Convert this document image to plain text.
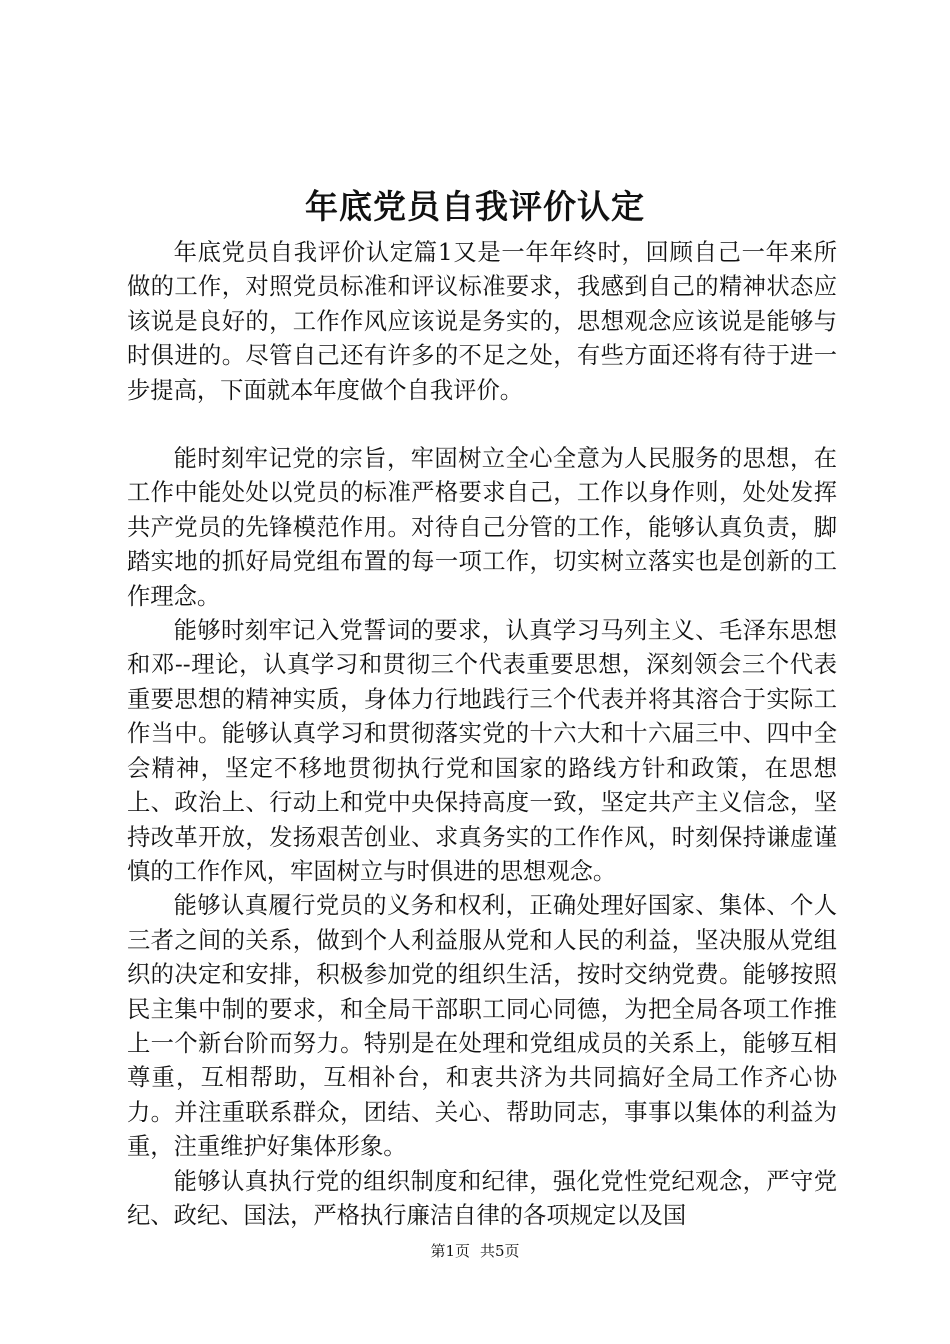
年底党员自我评价认定

年底党员自我评价认定篇1又是一年年终时，回顾自己一年来所做的工作，对照党员标准和评议标准要求，我感到自己的精神状态应该说是良好的，工作作风应该说是务实的，思想观念应该说是能够与时俱进的。尽管自己还有许多的不足之处，有些方面还将有待于进一步提高，下面就本年度做个自我评价。

能时刻牢记党的宗旨，牢固树立全心全意为人民服务的思想，在工作中能处处以党员的标准严格要求自己，工作以身作则，处处发挥共产党员的先锋模范作用。对待自己分管的工作，能够认真负责，脚踏实地的抓好局党组布置的每一项工作，切实树立落实也是创新的工作理念。

能够时刻牢记入党誓词的要求，认真学习马列主义、毛泽东思想和邓--理论，认真学习和贯彻三个代表重要思想，深刻领会三个代表重要思想的精神实质，身体力行地践行三个代表并将其溶合于实际工作当中。能够认真学习和贯彻落实党的十六大和十六届三中、四中全会精神，坚定不移地贯彻执行党和国家的路线方针和政策，在思想上、政治上、行动上和党中央保持高度一致，坚定共产主义信念，坚持改革开放，发扬艰苦创业、求真务实的工作作风，时刻保持谦虚谨慎的工作作风，牢固树立与时俱进的思想观念。

能够认真履行党员的义务和权利，正确处理好国家、集体、个人三者之间的关系，做到个人利益服从党和人民的利益，坚决服从党组织的决定和安排，积极参加党的组织生活，按时交纳党费。能够按照民主集中制的要求，和全局干部职工同心同德，为把全局各项工作推上一个新台阶而努力。特别是在处理和党组成员的关系上，能够互相尊重，互相帮助，互相补台，和衷共济为共同搞好全局工作齐心协力。并注重联系群众，团结、关心、帮助同志，事事以集体的利益为重，注重维护好集体形象。

能够认真执行党的组织制度和纪律，强化党性党纪观念，严守党纪、政纪、国法，严格执行廉洁自律的各项规定以及国

第1页 共5页
